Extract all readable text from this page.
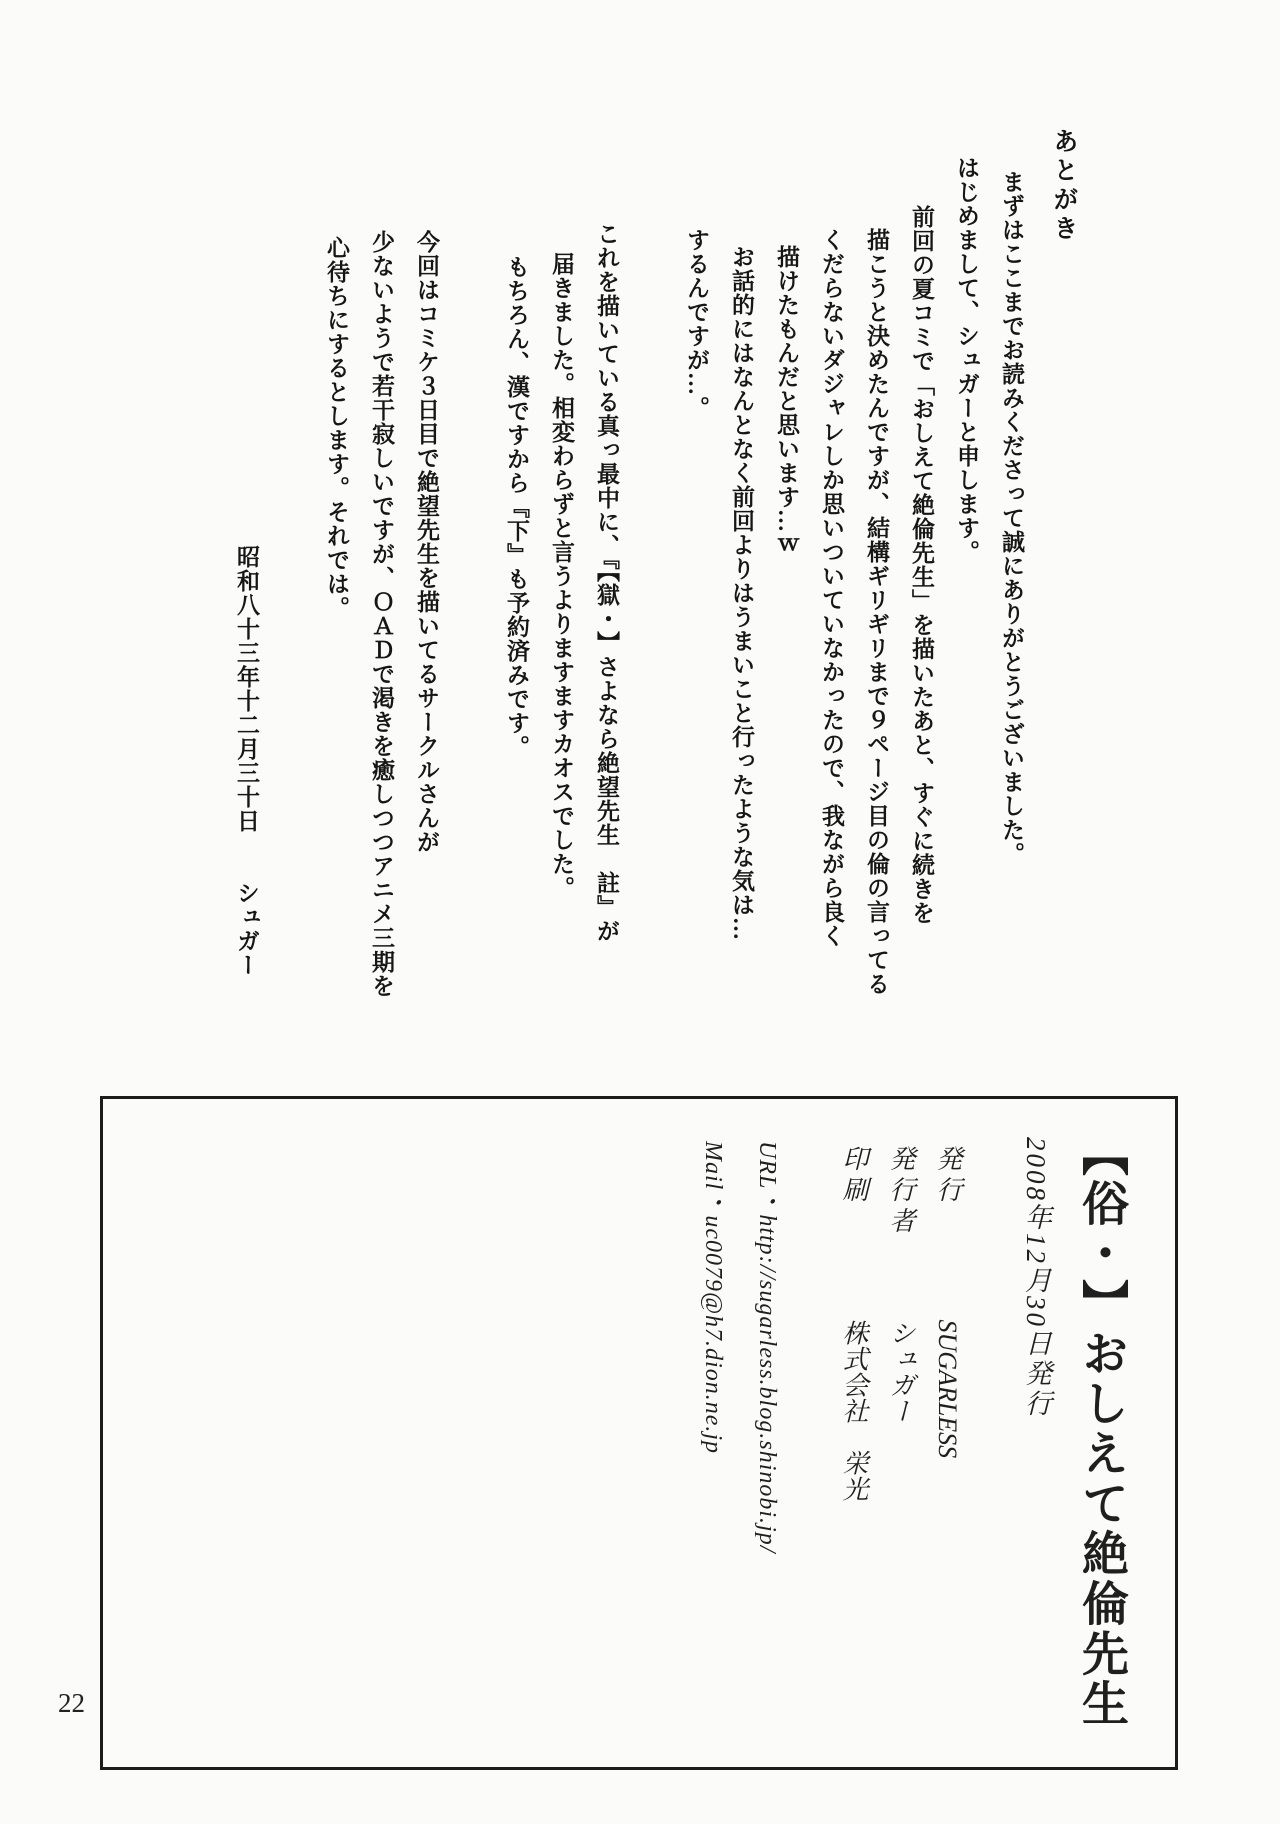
あとがき

まずはここまでお読みくださって誠にありがとうございました。

はじめまして、シュガーと申します。

前回の夏コミで「おしえて絶倫先生」を描いたあと、すぐに続きを

描こうと決めたんですが、結構ギリギリまで９ページ目の倫の言ってる

くだらないダジャレしか思いついていなかったので、我ながら良く

描けたもんだと思います…ｗ

お話的にはなんとなく前回よりはうまいこと行ったような気は…

するんですが…。

これを描いている真っ最中に、『【獄・】さよなら絶望先生　註』が

届きました。相変わらずと言うよりますますカオスでした。

もちろん、漢ですから『下』も予約済みです。

今回はコミケ３日目で絶望先生を描いてるサークルさんが

少ないようで若干寂しいですが、ＯＡＤで渇きを癒しつつアニメ三期を

心待ちにするとします。それでは。

昭和八十三年十二月三十日　　シュガー

【俗・】おしえて絶倫先生

2008年12月30日発行

発行 SUGARLESS

発行者 シュガー

印刷 株式会社　栄光

URL・http://sugarless.blog.shinobi.jp/

Mail・uc0079@h7.dion.ne.jp

22
